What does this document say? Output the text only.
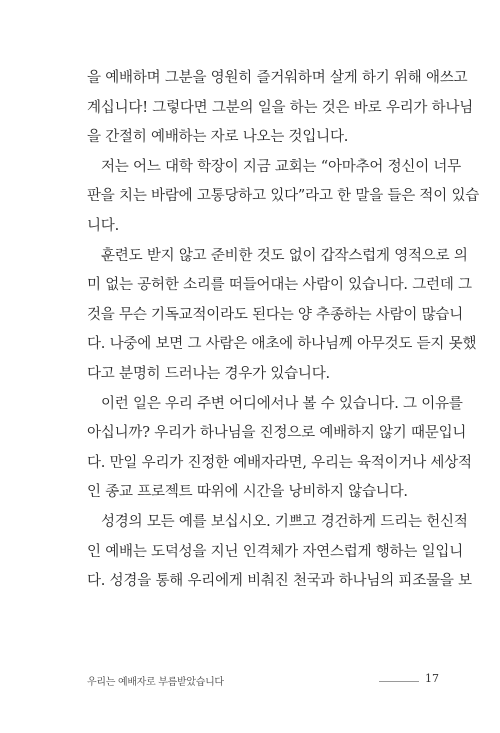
을 예배하며 그분을 영원히 즐거워하며 살게 하기 위해 애쓰고
계십니다! 그렇다면 그분의 일을 하는 것은 바로 우리가 하나님
을 간절히 예배하는 자로 나오는 것입니다.
저는 어느 대학 학장이 지금 교회는 “아마추어 정신이 너무
판을 치는 바람에 고통당하고 있다”라고 한 말을 들은 적이 있습
니다.
훈련도 받지 않고 준비한 것도 없이 갑작스럽게 영적으로 의
미 없는 공허한 소리를 떠들어대는 사람이 있습니다. 그런데 그
것을 무슨 기독교적이라도 된다는 양 추종하는 사람이 많습니
다. 나중에 보면 그 사람은 애초에 하나님께 아무것도 듣지 못했
다고 분명히 드러나는 경우가 있습니다.
이런 일은 우리 주변 어디에서나 볼 수 있습니다. 그 이유를
아십니까? 우리가 하나님을 진정으로 예배하지 않기 때문입니
다. 만일 우리가 진정한 예배자라면, 우리는 육적이거나 세상적
인 종교 프로젝트 따위에 시간을 낭비하지 않습니다.
성경의 모든 예를 보십시오. 기쁘고 경건하게 드리는 헌신적
인 예배는 도덕성을 지닌 인격체가 자연스럽게 행하는 일입니
다. 성경을 통해 우리에게 비춰진 천국과 하나님의 피조물을 보
우리는 예배자로 부름받았습니다	17
